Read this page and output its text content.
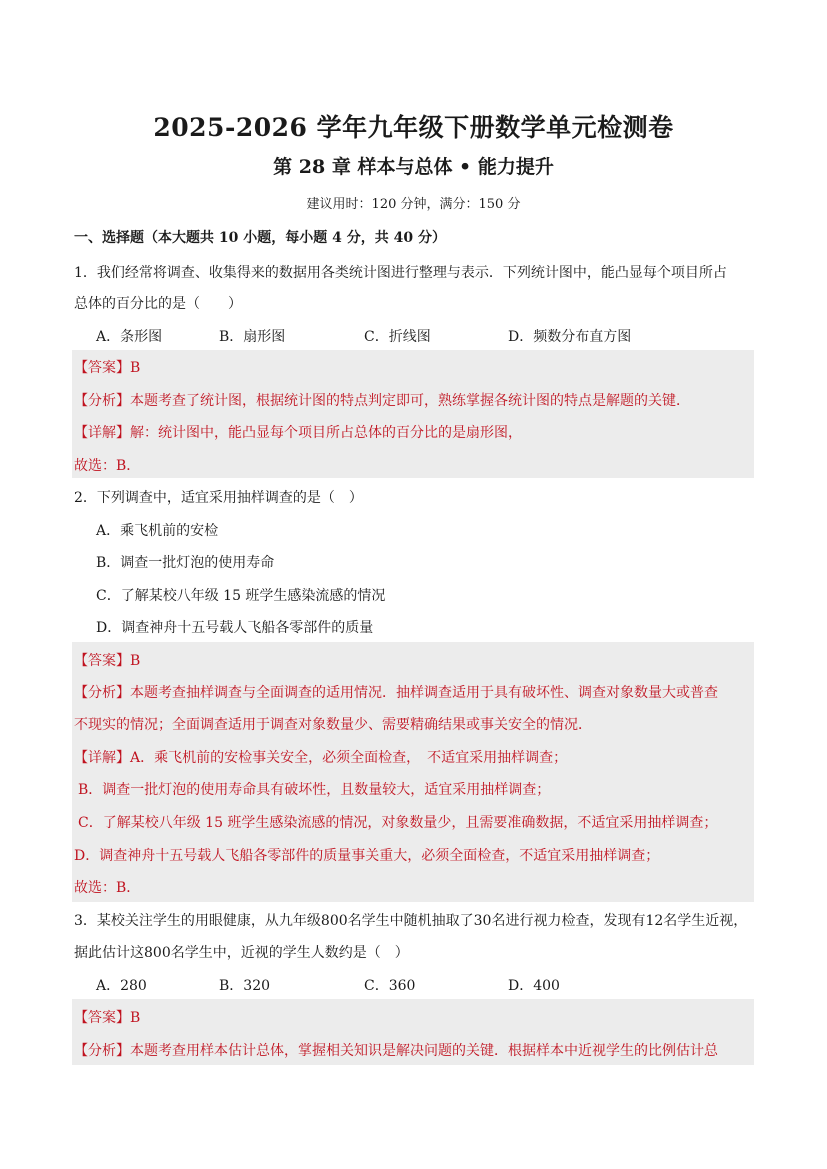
2025-2026 学年九年级下册数学单元检测卷
第 28 章 样本与总体 • 能力提升
建议用时：120 分钟，满分：150 分
一、选择题（本大题共 10 小题，每小题 4 分，共 40 分）
1．我们经常将调查、收集得来的数据用各类统计图进行整理与表示．下列统计图中，能凸显每个项目所占
总体的百分比的是（　　）
A．条形图	B．扇形图	C．折线图	D．频数分布直方图
【答案】B
【分析】本题考查了统计图，根据统计图的特点判定即可，熟练掌握各统计图的特点是解题的关键．
【详解】解：统计图中，能凸显每个项目所占总体的百分比的是扇形图，
故选：B．
2．下列调查中，适宜采用抽样调查的是（　）
A．乘飞机前的安检
B．调查一批灯泡的使用寿命
C．了解某校八年级 15 班学生感染流感的情况
D．调查神舟十五号载人飞船各零部件的质量
【答案】B
【分析】本题考查抽样调查与全面调查的适用情况．抽样调查适用于具有破坏性、调查对象数量大或普查
不现实的情况；全面调查适用于调查对象数量少、需要精确结果或事关安全的情况．
【详解】A．乘飞机前的安检事关安全，必须全面检查，　不适宜采用抽样调查；
B．调查一批灯泡的使用寿命具有破坏性，且数量较大，适宜采用抽样调查；
C．了解某校八年级 15 班学生感染流感的情况，对象数量少，且需要准确数据，不适宜采用抽样调查；
D．调查神舟十五号载人飞船各零部件的质量事关重大，必须全面检查，不适宜采用抽样调查；
故选：B．
3．某校关注学生的用眼健康，从九年级800名学生中随机抽取了30名进行视力检查，发现有12名学生近视，
据此估计这800名学生中，近视的学生人数约是（　）
A．280	B．320	C．360	D．400
【答案】B
【分析】本题考查用样本估计总体，掌握相关知识是解决问题的关键．根据样本中近视学生的比例估计总
